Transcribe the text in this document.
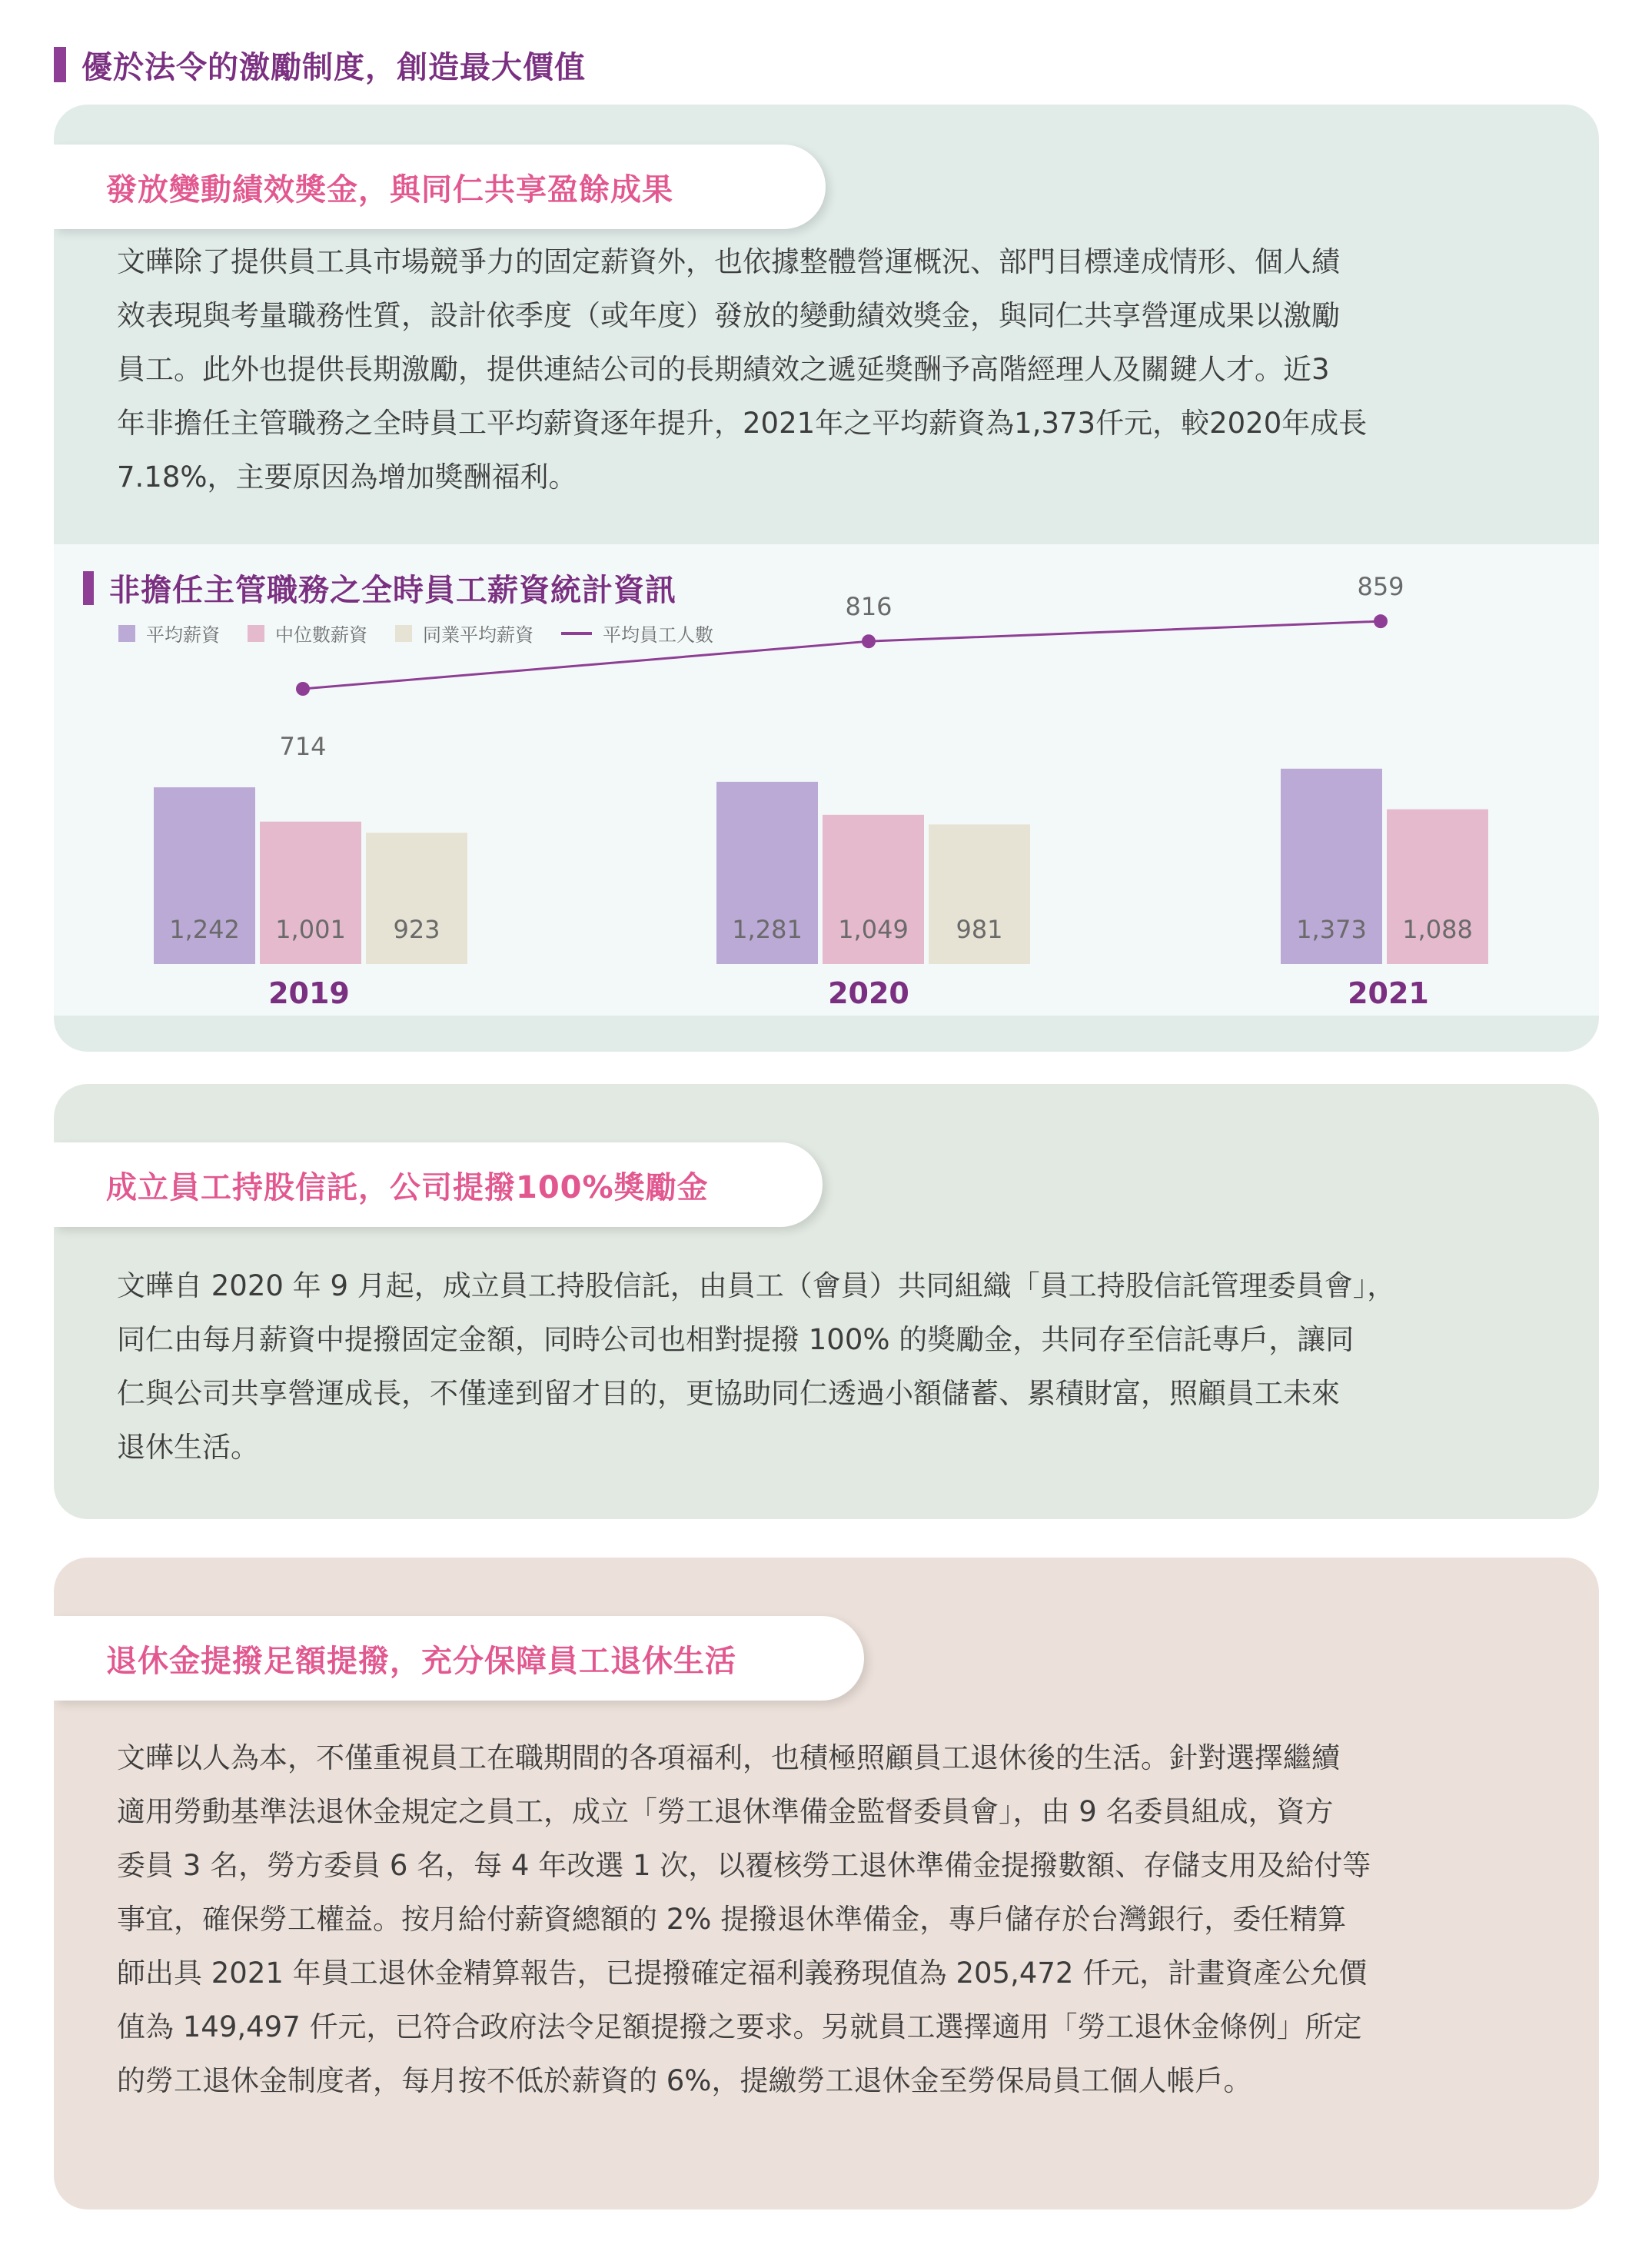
優於法令的激勵制度，創造最大價值
發放變動績效獎金，與同仁共享盈餘成果
文曄除了提供員工具市場競爭力的固定薪資外，也依據整體營運概況、部門目標達成情形、個人績
效表現與考量職務性質，設計依季度（或年度）發放的變動績效獎金，與同仁共享營運成果以激勵
員工。此外也提供長期激勵，提供連結公司的長期績效之遞延獎酬予高階經理人及關鍵人才。近3
年非擔任主管職務之全時員工平均薪資逐年提升，2021年之平均薪資為1,373仟元，較2020年成長
7.18%，主要原因為增加獎酬福利。
非擔任主管職務之全時員工薪資統計資訊
平均薪資	中位數薪資	同業平均薪資	平均員工人數
1,242 1,001 923
2019
1,281 1,049 981
2020
1,373 1,088
2021
714
816
859
成立員工持股信託，公司提撥100%獎勵金
文曄自 2020 年 9 月起，成立員工持股信託，由員工（會員）共同組織「員工持股信託管理委員會」，
同仁由每月薪資中提撥固定金額，同時公司也相對提撥 100% 的獎勵金，共同存至信託專戶，讓同
仁與公司共享營運成長，不僅達到留才目的，更協助同仁透過小額儲蓄、累積財富，照顧員工未來
退休生活。
退休金提撥足額提撥，充分保障員工退休生活
文曄以人為本，不僅重視員工在職期間的各項福利，也積極照顧員工退休後的生活。針對選擇繼續
適用勞動基準法退休金規定之員工，成立「勞工退休準備金監督委員會」，由 9 名委員組成，資方
委員 3 名，勞方委員 6 名，每 4 年改選 1 次，以覆核勞工退休準備金提撥數額、存儲支用及給付等
事宜，確保勞工權益。按月給付薪資總額的 2% 提撥退休準備金，專戶儲存於台灣銀行，委任精算
師出具 2021 年員工退休金精算報告，已提撥確定福利義務現值為 205,472 仟元，計畫資產公允價
值為 149,497 仟元，已符合政府法令足額提撥之要求。另就員工選擇適用「勞工退休金條例」所定
的勞工退休金制度者，每月按不低於薪資的 6%，提繳勞工退休金至勞保局員工個人帳戶。
